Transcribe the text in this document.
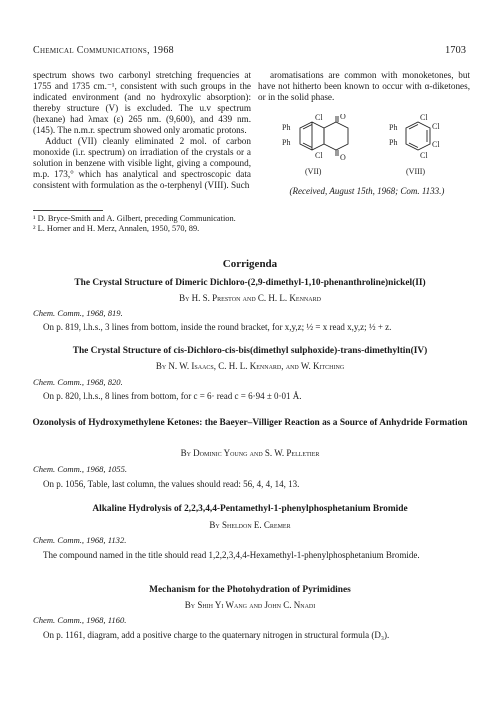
Chemical Communications, 1968	1703

spectrum shows two carbonyl stretching frequencies at 1755 and 1735 cm.⁻¹, consistent with such groups in the indicated environment (and no hydroxylic absorption): thereby structure (V) is excluded. The u.v spectrum (hexane) had λmax (ε) 265 nm. (9,600), and 439 nm. (145). The n.m.r. spectrum showed only aromatic protons.

Adduct (VII) cleanly eliminated 2 mol. of carbon monoxide (i.r. spectrum) on irradiation of the crystals or a solution in benzene with visible light, giving a compound, m.p. 173,° which has analytical and spectroscopic data consistent with formulation as the o-terphenyl (VIII). Such

aromatisations are common with monoketones, but have not hitherto been known to occur with α-diketones, or in the solid phase.

Ph
Ph
Cl
Cl
O
O
(VII)
Ph
Ph
Cl
Cl
Cl
Cl
(VIII)
(Received, August 15th, 1968; Com. 1133.)
¹ D. Bryce-Smith and A. Gilbert, preceding Communication.
² L. Horner and H. Merz, Annalen, 1950, 570, 89.
Corrigenda
The Crystal Structure of Dimeric Dichloro-(2,9-dimethyl-1,10-phenanthroline)nickel(II)
By H. S. Preston and C. H. L. Kennard
Chem. Comm., 1968, 819.
On p. 819, l.h.s., 3 lines from bottom, inside the round bracket, for x,y,z; ½ = x read x,y,z; ½ + z.
The Crystal Structure of cis-Dichloro-cis-bis(dimethyl sulphoxide)-trans-dimethyltin(IV)
By N. W. Isaacs, C. H. L. Kennard, and W. Kitching
Chem. Comm., 1968, 820.
On p. 820, l.h.s., 8 lines from bottom, for c = 6· read c = 6·94 ± 0·01 Å.
Ozonolysis of Hydroxymethylene Ketones: the Baeyer–Villiger Reaction as a Source of Anhydride Formation
By Dominic Young and S. W. Pelletier
Chem. Comm., 1968, 1055.
On p. 1056, Table, last column, the values should read: 56, 4, 4, 14, 13.
Alkaline Hydrolysis of 2,2,3,4,4-Pentamethyl-1-phenylphosphetanium Bromide
By Sheldon E. Cremer
Chem. Comm., 1968, 1132.
The compound named in the title should read 1,2,2,3,4,4-Hexamethyl-1-phenylphosphetanium Bromide.
Mechanism for the Photohydration of Pyrimidines
By Shih Yi Wang and John C. Nnadi
Chem. Comm., 1968, 1160.
On p. 1161, diagram, add a positive charge to the quaternary nitrogen in structural formula (D₃).
